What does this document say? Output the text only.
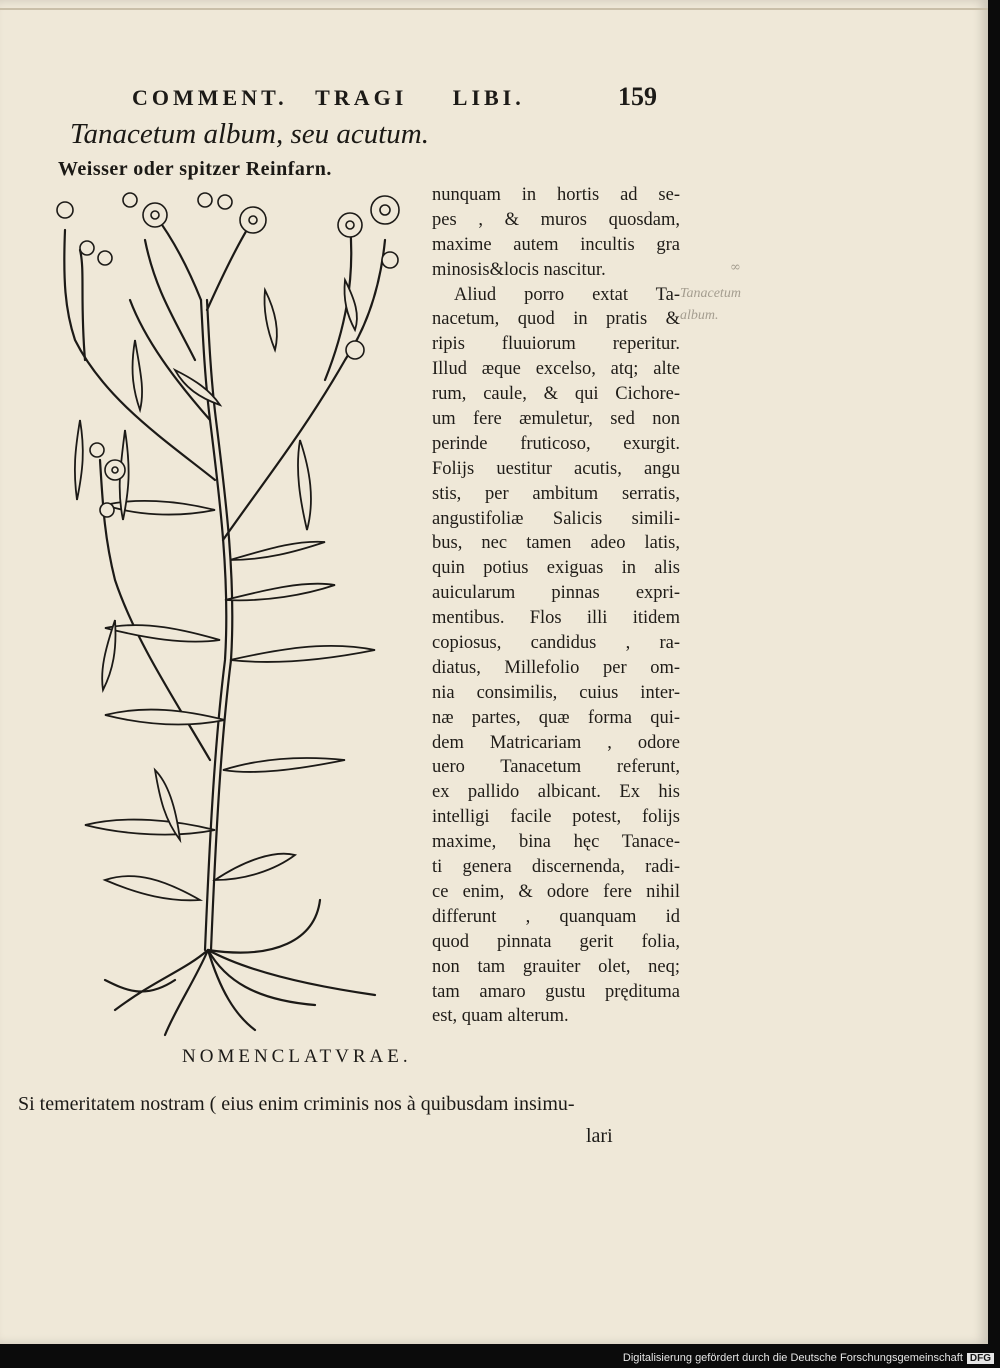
COMMENT. TRAGI LIBI.	159
Tanacetum album, seu acutum.
Weisser oder spitzer Reinfarn.
nunquam in hortis ad se-
pes , & muros quosdam,
maxime autem incultis gra
minosis&locis nascitur.
Aliud porro extat Ta-
nacetum, quod in pratis &
ripis fluuiorum reperitur.
Illud æque excelso, atq; alte
rum, caule, & qui Cichore-
um fere æmuletur, sed non
perinde fruticoso, exurgit.
Folijs uestitur acutis, angu
stis, per ambitum serratis,
angustifoliæ Salicis simili-
bus, nec tamen adeo latis,
quin potius exiguas in alis
auicularum pinnas expri-
mentibus. Flos illi itidem
copiosus, candidus , ra-
diatus, Millefolio per om-
nia consimilis, cuius inter-
næ partes, quæ forma qui-
dem Matricariam , odore
uero Tanacetum referunt,
ex pallido albicant. Ex his
intelligi facile potest, folijs
maxime, bina hęc Tanace-
ti genera discernenda, radi-
ce enim, & odore fere nihil
differunt , quanquam id
quod pinnata gerit folia,
non tam grauiter olet, neq;
tam amaro gustu prędituma
est, quam alterum.
∞
Tanacetum
album.
NOMENCLATVRAE.
Si temeritatem nostram ( eius enim criminis nos à quibusdam insimu-
lari
Digitalisierung gefördert durch die Deutsche Forschungsgemeinschaft DFG
